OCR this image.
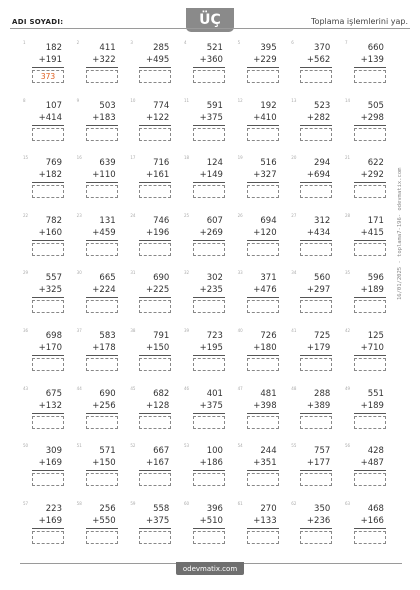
ADI SOYADI:	ÜÇ	Toplama işlemlerini yap.
1
182
+191
373
2
411
+322
3
285
+495
4
521
+360
5
395
+229
6
370
+562
7
660
+139
8
107
+414
9
503
+183
10
774
+122
11
591
+375
12
192
+410
13
523
+282
14
505
+298
15
769
+182
16
639
+110
17
716
+161
18
124
+149
19
516
+327
20
294
+694
21
622
+292
22
782
+160
23
131
+459
24
746
+196
25
607
+269
26
694
+120
27
312
+434
28
171
+415
29
557
+325
30
665
+224
31
690
+225
32
302
+235
33
371
+476
34
560
+297
35
596
+189
36
698
+170
37
583
+178
38
791
+150
39
723
+195
40
726
+180
41
725
+179
42
125
+710
43
675
+132
44
690
+256
45
682
+128
46
401
+375
47
481
+398
48
288
+389
49
551
+189
50
309
+169
51
571
+150
52
667
+167
53
100
+186
54
244
+351
55
757
+177
56
428
+487
57
223
+169
58
256
+550
59
558
+375
60
396
+510
61
270
+133
62
350
+236
63
468
+166
16/01/2025 - toplama7-196- odevmatix.com
odevmatix.com
